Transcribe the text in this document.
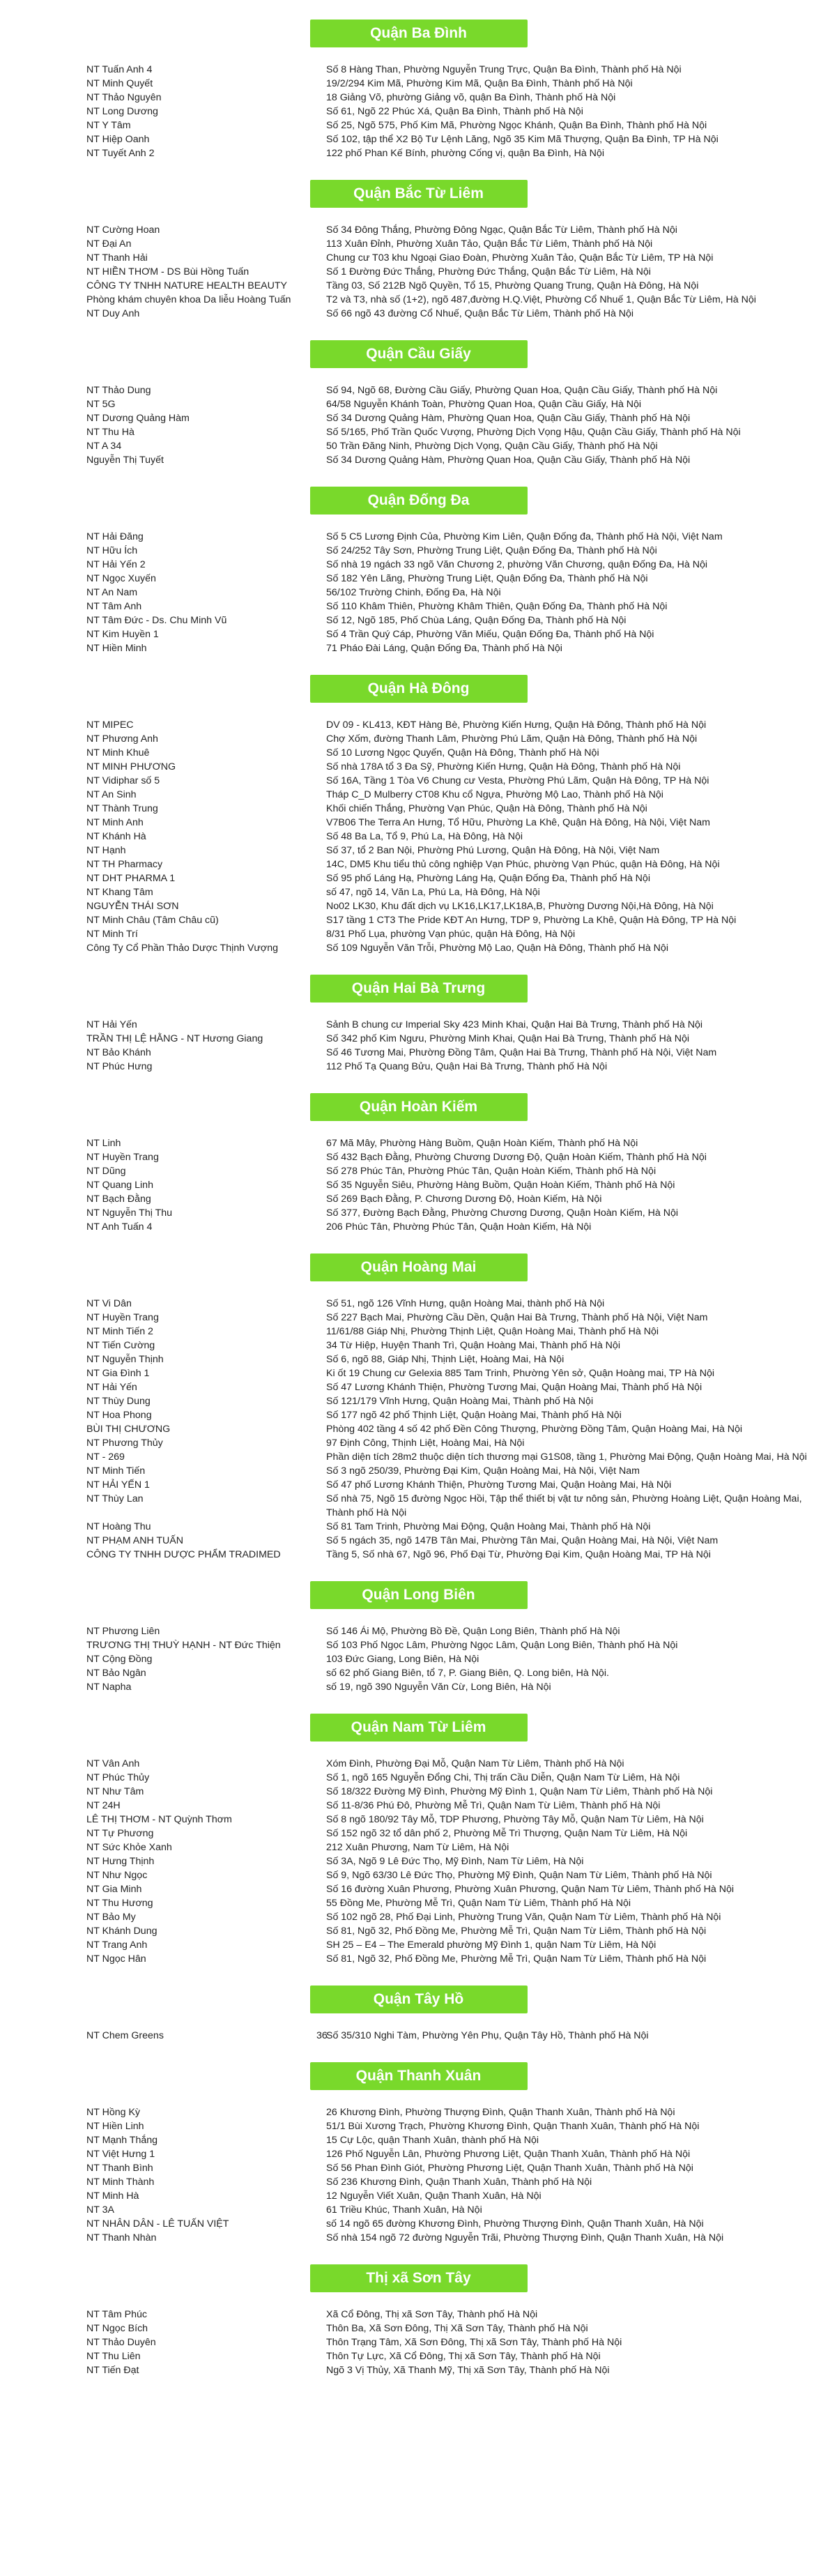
Quận Ba Đình
NT Tuấn Anh 4	Số 8 Hàng Than, Phường Nguyễn Trung Trực, Quận Ba Đình, Thành phố Hà Nội
NT Minh Quyết	19/2/294 Kim Mã, Phường Kim Mã, Quận Ba Đình, Thành phố Hà Nội
NT Thảo Nguyên	18 Giảng Võ, phường Giảng võ, quận Ba Đình, Thành phố Hà Nội
NT Long Dương	Số 61, Ngõ 22 Phúc Xá, Quận Ba Đình, Thành phố Hà Nội
NT Y Tâm	Số 25, Ngõ 575, Phố Kim Mã, Phường Ngọc Khánh, Quận Ba Đình, Thành phố Hà Nội
NT Hiệp Oanh	Số 102, tập thể X2 Bộ Tư Lệnh Lăng, Ngõ 35 Kim Mã Thượng, Quận Ba Đình, TP Hà Nội
NT Tuyết Anh 2	122 phố Phan Kế Bính, phường Cống vị, quận Ba Đình, Hà Nội
Quận Bắc Từ Liêm
NT Cường Hoan	Số 34 Đông Thắng, Phường Đông Ngạc, Quận Bắc Từ Liêm, Thành phố Hà Nội
NT Đại An	113 Xuân Đỉnh, Phường Xuân Tảo, Quận Bắc Từ Liêm, Thành phố Hà Nội
NT Thanh Hải	Chung cư T03 khu Ngoại Giao Đoàn, Phường Xuân Tảo, Quận Bắc Từ Liêm, TP Hà Nội
NT HIỀN THƠM - DS Bùi Hồng Tuấn	Số 1 Đường Đức Thắng, Phường Đức Thắng, Quận Bắc Từ Liêm, Hà Nội
CÔNG TY TNHH NATURE HEALTH BEAUTY	Tầng 03, Số 212B Ngõ Quyền, Tổ 15, Phường Quang Trung, Quận Hà Đông, Hà Nội
Phòng khám chuyên khoa Da liễu Hoàng Tuấn	T2 và T3, nhà số (1+2), ngõ 487,đường H.Q.Việt, Phường Cổ Nhuế 1, Quận Bắc Từ Liêm, Hà Nội
NT Duy Anh	Số 66 ngõ 43 đường Cổ Nhuế, Quận Bắc Từ Liêm, Thành phố Hà Nội
Quận Cầu Giấy
NT Thảo Dung	Số 94, Ngõ 68, Đường Cầu Giấy, Phường Quan Hoa, Quận Cầu Giấy, Thành phố Hà Nội
NT 5G	64/58 Nguyễn Khánh Toàn, Phường Quan Hoa, Quận Cầu Giấy, Hà Nội
NT Dương Quảng Hàm	Số 34 Dương Quảng Hàm, Phường Quan Hoa, Quận Cầu Giấy, Thành phố Hà Nội
NT Thu Hà	Số 5/165, Phố Trần Quốc Vượng, Phường Dịch Vọng Hậu, Quận Cầu Giấy, Thành phố Hà Nội
NT A 34	50 Trần Đăng Ninh, Phường Dịch Vọng, Quận Cầu Giấy, Thành phố Hà Nội
Nguyễn Thị Tuyết	Số 34 Dương Quảng Hàm, Phường Quan Hoa, Quận Cầu Giấy, Thành phố Hà Nội
Quận Đống Đa
NT Hải Đăng	Số 5 C5 Lương Định Của, Phường Kim Liên, Quận Đống đa, Thành phố Hà Nội, Việt Nam
NT Hữu Ích	Số 24/252 Tây Sơn, Phường Trung Liệt, Quận Đống Đa, Thành phố Hà Nội
NT Hải Yến 2	Số nhà 19 ngách 33 ngõ Văn Chương 2, phường Văn Chương, quận Đống Đa, Hà Nội
NT Ngọc Xuyến	Số 182 Yên Lãng, Phường Trung Liệt, Quận Đống Đa, Thành phố Hà Nội
NT An Nam	56/102 Trường Chinh, Đống Đa, Hà Nội
NT Tâm Anh	Số 110 Khâm Thiên, Phường Khâm Thiên, Quận Đống Đa, Thành phố Hà Nội
NT Tâm Đức - Ds. Chu Minh Vũ	Số 12, Ngõ 185, Phố Chùa Láng, Quận Đống Đa, Thành phố Hà Nội
NT Kim Huyền 1	Số 4 Trần Quý Cáp, Phường Văn Miếu, Quận Đống Đa, Thành phố Hà Nội
NT Hiền Minh	71 Pháo Đài Láng, Quận Đống Đa, Thành phố Hà Nội
Quận Hà Đông
NT MIPEC	DV 09 - KL413, KĐT Hàng Bè, Phường Kiến Hưng, Quận Hà Đông, Thành phố Hà Nội
NT Phương Anh	Chợ Xốm, đường Thanh Lâm, Phường Phú Lãm, Quận Hà Đông, Thành phố Hà Nội
NT Minh Khuê	Số 10 Lương Ngọc Quyến, Quận Hà Đông, Thành phố Hà Nội
NT MINH PHƯƠNG	Số nhà 178A tổ 3 Đa Sỹ, Phường Kiến Hưng, Quận Hà Đông, Thành phố Hà Nội
NT Vidiphar số 5	Số 16A, Tầng 1 Tòa V6 Chung cư Vesta, Phường Phú Lãm, Quận Hà Đông, TP Hà Nội
NT An Sinh	Tháp C_D Mulberry CT08 Khu cổ Ngựa, Phường Mộ Lao, Thành phố Hà Nội
NT Thành Trung	Khối chiến Thắng, Phường Vạn Phúc, Quận Hà Đông, Thành phố Hà Nội
NT Minh Anh	V7B06 The Terra An Hưng, Tổ Hữu, Phường La Khê, Quận Hà Đông, Hà Nội, Việt Nam
NT Khánh Hà	Số 48 Ba La, Tổ 9, Phú La, Hà Đông, Hà Nội
NT Hạnh	Số 37, tổ 2 Ban Nội, Phường Phú Lương, Quận Hà Đông, Hà Nội, Việt Nam
NT TH Pharmacy	14C, DM5 Khu tiểu thủ công nghiệp Vạn Phúc, phường Vạn Phúc, quận Hà Đông, Hà Nội
NT DHT PHARMA 1	Số 95 phố Láng Hạ, Phường Láng Hạ, Quận Đống Đa, Thành phố Hà Nội
NT Khang Tâm	số 47, ngõ 14, Văn La, Phú La, Hà Đông, Hà Nội
NGUYỄN THÁI SƠN	No02 LK30, Khu đất dịch vụ LK16,LK17,LK18A,B, Phường Dương Nội,Hà Đông, Hà Nội
NT Minh Châu (Tâm Châu cũ)	S17 tầng 1 CT3 The Pride KĐT An Hưng, TDP 9, Phường La Khê, Quận Hà Đông, TP Hà Nội
NT Minh Trí	8/31 Phố Lụa, phường Vạn phúc, quận Hà Đông, Hà Nội
Công Ty Cổ Phần Thảo Dược Thịnh Vượng	Số 109 Nguyễn Văn Trỗi, Phường Mộ Lao, Quận Hà Đông, Thành phố Hà Nội
Quận Hai Bà Trưng
NT Hải Yến	Sảnh B chung cư Imperial Sky 423 Minh Khai, Quận Hai Bà Trưng, Thành phố Hà Nội
TRẦN THỊ LỆ HẰNG - NT Hương Giang	Số 342 phố Kim Ngưu, Phường Minh Khai, Quận Hai Bà Trưng, Thành phố Hà Nội
NT Bảo Khánh	Số 46 Tương Mai, Phường Đồng Tâm, Quận Hai Bà Trưng, Thành phố Hà Nội, Việt Nam
NT Phúc Hưng	112 Phố Tạ Quang Bửu, Quận Hai Bà Trưng, Thành phố Hà Nội
Quận Hoàn Kiếm
NT Linh	67 Mã Mây, Phường Hàng Buồm, Quận Hoàn Kiếm, Thành phố Hà Nội
NT Huyền Trang	Số 432 Bạch Đằng, Phường Chương Dương Độ, Quận Hoàn Kiếm, Thành phố Hà Nội
NT Dũng	Số 278 Phúc Tân, Phường Phúc Tân, Quận Hoàn Kiếm, Thành phố Hà Nội
NT Quang Linh	Số 35 Nguyễn Siêu, Phường Hàng Buồm, Quận Hoàn Kiếm, Thành phố Hà Nội
NT Bạch Đằng	Số 269 Bạch Đằng, P. Chương Dương Độ, Hoàn Kiếm, Hà Nội
NT Nguyễn Thị Thu	Số 377, Đường Bạch Đằng, Phường Chương Dương, Quận Hoàn Kiếm, Hà Nội
NT Anh Tuấn 4	206 Phúc Tân, Phường Phúc Tân, Quận Hoàn Kiếm, Hà Nội
Quận Hoàng Mai
NT Vi Dân	Số 51, ngõ 126 Vĩnh Hưng, quận Hoàng Mai, thành phố Hà Nội
NT Huyền Trang	Số 227 Bạch Mai, Phường Cầu Dền, Quận Hai Bà Trưng, Thành phố Hà Nội, Việt Nam
NT Minh Tiến 2	11/61/88 Giáp Nhị, Phường Thịnh Liệt, Quận Hoàng Mai, Thành phố Hà Nội
NT Tiến Cường	34 Từ Hiệp, Huyện Thanh Trì, Quận Hoàng Mai, Thành phố Hà Nội
NT Nguyễn Thịnh	Số 6, ngõ 88, Giáp Nhị, Thịnh Liệt, Hoàng Mai, Hà Nội
NT Gia Đình 1	Ki ốt 19 Chung cư Gelexia 885 Tam Trinh, Phường Yên sở, Quận Hoàng mai, TP Hà Nội
NT Hải Yến	Số 47 Lương Khánh Thiện, Phường Tương Mai, Quận Hoàng Mai, Thành phố Hà Nội
NT Thùy Dung	Số 121/179 Vĩnh Hưng, Quận Hoàng Mai, Thành phố Hà Nội
NT Hoa Phong	Số 177 ngõ 42 phố Thịnh Liệt, Quận Hoàng Mai, Thành phố Hà Nội
BÙI THỊ CHƯƠNG	Phòng 402 tầng 4 số 42 phố Đền Công Thượng, Phường Đồng Tâm, Quận Hoàng Mai, Hà Nội
NT Phương Thủy	97 Định Công, Thịnh Liệt, Hoàng Mai, Hà Nội
NT - 269	Phần diện tích 28m2 thuộc diện tích thương mại G1S08, tầng 1, Phường Mai Động, Quận Hoàng Mai, Hà Nội
NT Minh Tiến	Số 3 ngõ 250/39, Phường Đại Kim, Quận Hoàng Mai, Hà Nội, Việt Nam
NT HẢI YẾN 1	Số 47 phố Lương Khánh Thiện, Phường Tương Mai, Quận Hoàng Mai, Hà Nội
NT Thùy Lan	Số nhà 75, Ngõ 15 đường Ngọc Hồi, Tập thể thiết bị vật tư nông sản, Phường Hoàng Liệt, Quận Hoàng Mai, Thành phố Hà Nội
NT Hoàng Thu	Số 81 Tam Trinh, Phường Mai Động, Quận Hoàng Mai, Thành phố Hà Nội
NT PHẠM ANH TUẤN	Số 5 ngách 35, ngõ 147B Tân Mai, Phường Tân Mai, Quận Hoàng Mai, Hà Nội, Việt Nam
CÔNG TY TNHH DƯỢC PHẨM TRADIMED	Tầng 5, Số nhà 67, Ngõ 96, Phố Đại Từ, Phường Đại Kim, Quận Hoàng Mai, TP Hà Nội
Quận Long Biên
NT Phương Liên	Số 146 Ái Mộ, Phường Bồ Đề, Quận Long Biên, Thành phố Hà Nội
TRƯƠNG THỊ THUỲ HẠNH - NT Đức Thiện	Số 103 Phố Ngọc Lâm, Phường Ngọc Lâm, Quận Long Biên, Thành phố Hà Nội
NT Cộng Đồng	103 Đức Giang, Long Biên, Hà Nội
NT Bảo Ngân	số 62 phố Giang Biên, tổ 7, P. Giang Biên, Q. Long biên, Hà Nội.
NT Napha	số 19, ngõ 390 Nguyễn Văn Cừ, Long Biên, Hà Nội
Quận Nam Từ Liêm
NT Vân Anh	Xóm Đình, Phường Đại Mỗ, Quận Nam Từ Liêm, Thành phố Hà Nội
NT Phúc Thủy	Số 1, ngõ 165 Nguyễn Đổng Chi, Thị trấn Cầu Diễn, Quận Nam Từ Liêm, Hà Nội
NT Như Tâm	Số 18/322 Đường Mỹ Đình, Phường Mỹ Đình 1, Quận Nam Từ Liêm, Thành phố Hà Nội
NT 24H	Số 11-8/36 Phú Đô, Phường Mễ Trì, Quận Nam Từ Liêm, Thành phố Hà Nội
LÊ THỊ THƠM - NT Quỳnh Thơm	Số 8 ngõ 180/92 Tây Mỗ, TDP Phương, Phường Tây Mỗ, Quận Nam Từ Liêm, Hà Nội
NT Tự Phương	Số 152 ngõ 32 tổ dân phố 2, Phường Mễ Trì Thượng, Quận Nam Từ Liêm, Hà Nội
NT Sức Khỏe Xanh	212 Xuân Phương, Nam Từ Liêm, Hà Nội
NT Hưng Thịnh	Số 3A, Ngõ 9 Lê Đức Thọ, Mỹ Đình, Nam Từ Liêm, Hà Nội
NT Như Ngọc	Số 9, Ngõ 63/30 Lê Đức Thọ, Phường Mỹ Đình, Quận Nam Từ Liêm, Thành phố Hà Nội
NT Gia Minh	Số 16 đường Xuân Phương, Phường Xuân Phương, Quận Nam Từ Liêm, Thành phố Hà Nội
NT Thu Hương	55 Đồng Me, Phường Mễ Trì, Quận Nam Từ Liêm, Thành phố Hà Nội
NT Bảo My	Số 102 ngõ 28, Phố Đại Linh, Phường Trung Văn, Quận Nam Từ Liêm, Thành phố Hà Nội
NT Khánh Dung	Số 81, Ngõ 32, Phố Đồng Me, Phường Mễ Trì, Quận Nam Từ Liêm, Thành phố Hà Nội
NT Trang Anh	SH 25 – E4 – The Emerald phường Mỹ Đình 1, quận Nam Từ Liêm, Hà Nội
NT Ngọc Hân	Số 81, Ngõ 32, Phố Đồng Me, Phường Mễ Trì, Quận Nam Từ Liêm, Thành phố Hà Nội
Quận Tây Hồ
NT Chem Greens	36Số 35/310 Nghi Tàm, Phường Yên Phụ, Quận Tây Hồ, Thành phố Hà Nội
Quận Thanh Xuân
NT Hồng Kỳ	26 Khương Đình, Phường Thượng Đình, Quận Thanh Xuân, Thành phố Hà Nội
NT Hiền Linh	51/1 Bùi Xương Trạch, Phường Khương Đình, Quận Thanh Xuân, Thành phố Hà Nội
NT Mạnh Thắng	15 Cự Lộc, quận Thanh Xuân, thành phố Hà Nội
NT Việt Hưng 1	126 Phố Nguyễn Lân, Phường Phương Liệt, Quận Thanh Xuân, Thành phố Hà Nội
NT Thanh Bình	Số 56 Phan Đình Giót, Phường Phương Liệt, Quận Thanh Xuân, Thành phố Hà Nội
NT Minh Thành	Số 236 Khương Đình, Quận Thanh Xuân, Thành phố Hà Nội
NT Minh Hà	12 Nguyễn Viết Xuân, Quận Thanh Xuân, Hà Nội
NT 3A	61 Triều Khúc, Thanh Xuân, Hà Nội
NT NHÂN DÂN - LÊ TUẤN VIỆT	số 14 ngõ 65 đường Khương Đình, Phường Thượng Đình, Quận Thanh Xuân, Hà Nội
NT Thanh Nhàn	Số nhà 154 ngõ 72 đường Nguyễn Trãi, Phường Thượng Đình, Quận Thanh Xuân, Hà Nội
Thị xã Sơn Tây
NT Tâm Phúc	Xã Cổ Đông, Thị xã Sơn Tây, Thành phố Hà Nội
NT Ngọc Bích	Thôn Ba, Xã Sơn Đông, Thị Xã Sơn Tây, Thành phố Hà Nội
NT Thảo Duyên	Thôn Trạng Tâm, Xã Sơn Đông, Thị xã Sơn Tây, Thành phố Hà Nội
NT Thu Liên	Thôn Tự Lực, Xã Cổ Đông, Thị xã Sơn Tây, Thành phố Hà Nội
NT Tiến Đạt	Ngõ 3 Vị Thủy, Xã Thanh Mỹ, Thị xã Sơn Tây, Thành phố Hà Nội
